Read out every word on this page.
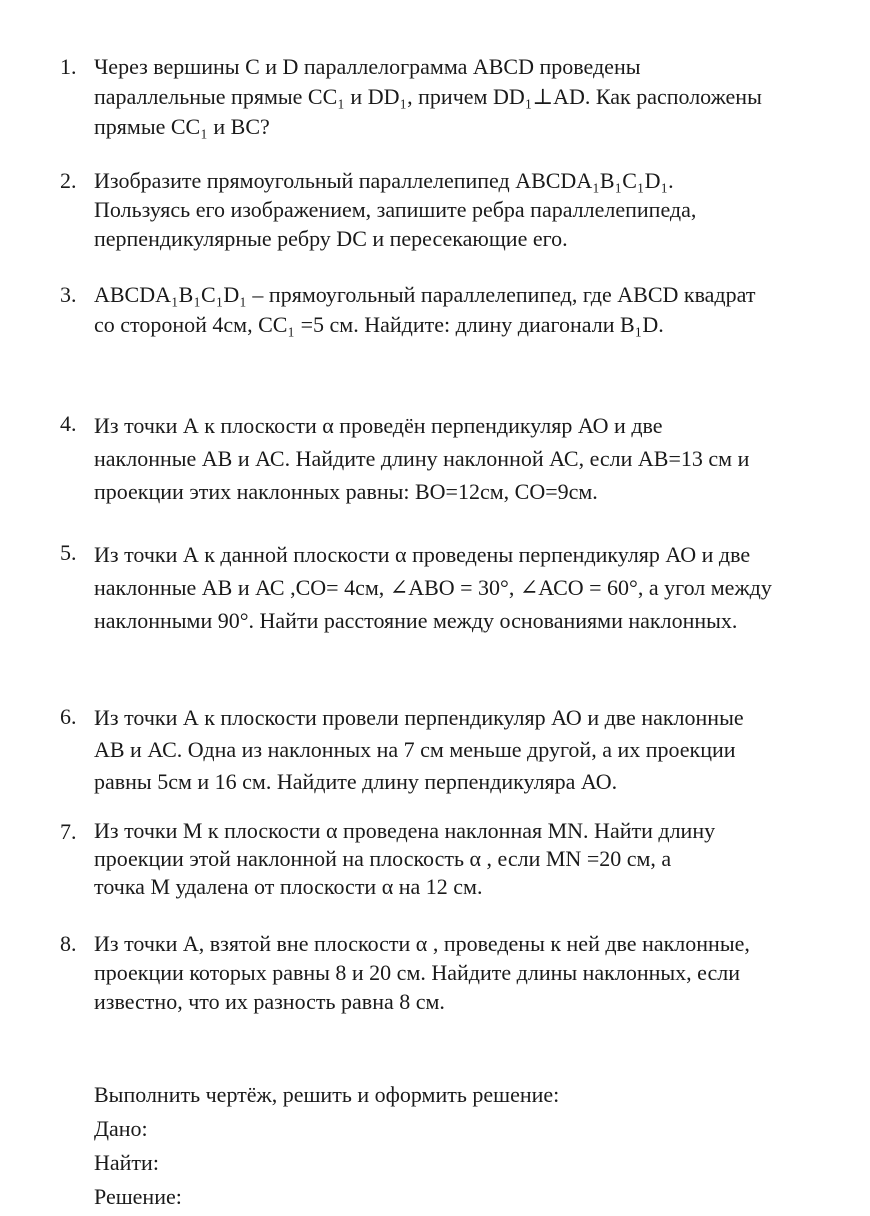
1. Через вершины С и D параллелограмма ABCD проведены
параллельные прямые CC₁ и DD₁, причем DD₁⊥AD. Как расположены
прямые CC₁ и ВС?
2. Изобразите прямоугольный параллелепипед ABCDA₁B₁C₁D₁.
Пользуясь его изображением, запишите ребра параллелепипеда,
перпендикулярные ребру DC и пересекающие его.
3. ABCDA₁B₁C₁D₁ – прямоугольный параллелепипед, где ABCD квадрат
со стороной 4см, CC₁ =5 см. Найдите: длину диагонали B₁D.
4. Из точки А к плоскости α проведён перпендикуляр АО и две
наклонные АВ и АС. Найдите длину наклонной АС, если АВ=13 см и
проекции этих наклонных равны: ВО=12см, СО=9см.
5. Из точки А к данной плоскости α проведены перпендикуляр АО и две
наклонные АВ и АС ,СО= 4см, ∠АВО = 30°, ∠АСО = 60°, а угол между
наклонными 90°. Найти расстояние между основаниями наклонных.
6. Из точки А к плоскости провели перпендикуляр АО и две наклонные
АВ и АС. Одна из наклонных на 7 см меньше другой, а их проекции
равны 5см и 16 см. Найдите длину перпендикуляра АО.
7. Из точки М к плоскости α проведена наклонная MN. Найти длину
проекции этой наклонной на плоскость α , если MN =20 см, а
точка М удалена от плоскости α на 12 см.
8. Из точки А, взятой вне плоскости α , проведены к ней две наклонные,
проекции которых равны 8 и 20 см. Найдите длины наклонных, если
известно, что их разность равна 8 см.
Выполнить чертёж, решить и оформить решение:
Дано:
Найти:
Решение:
